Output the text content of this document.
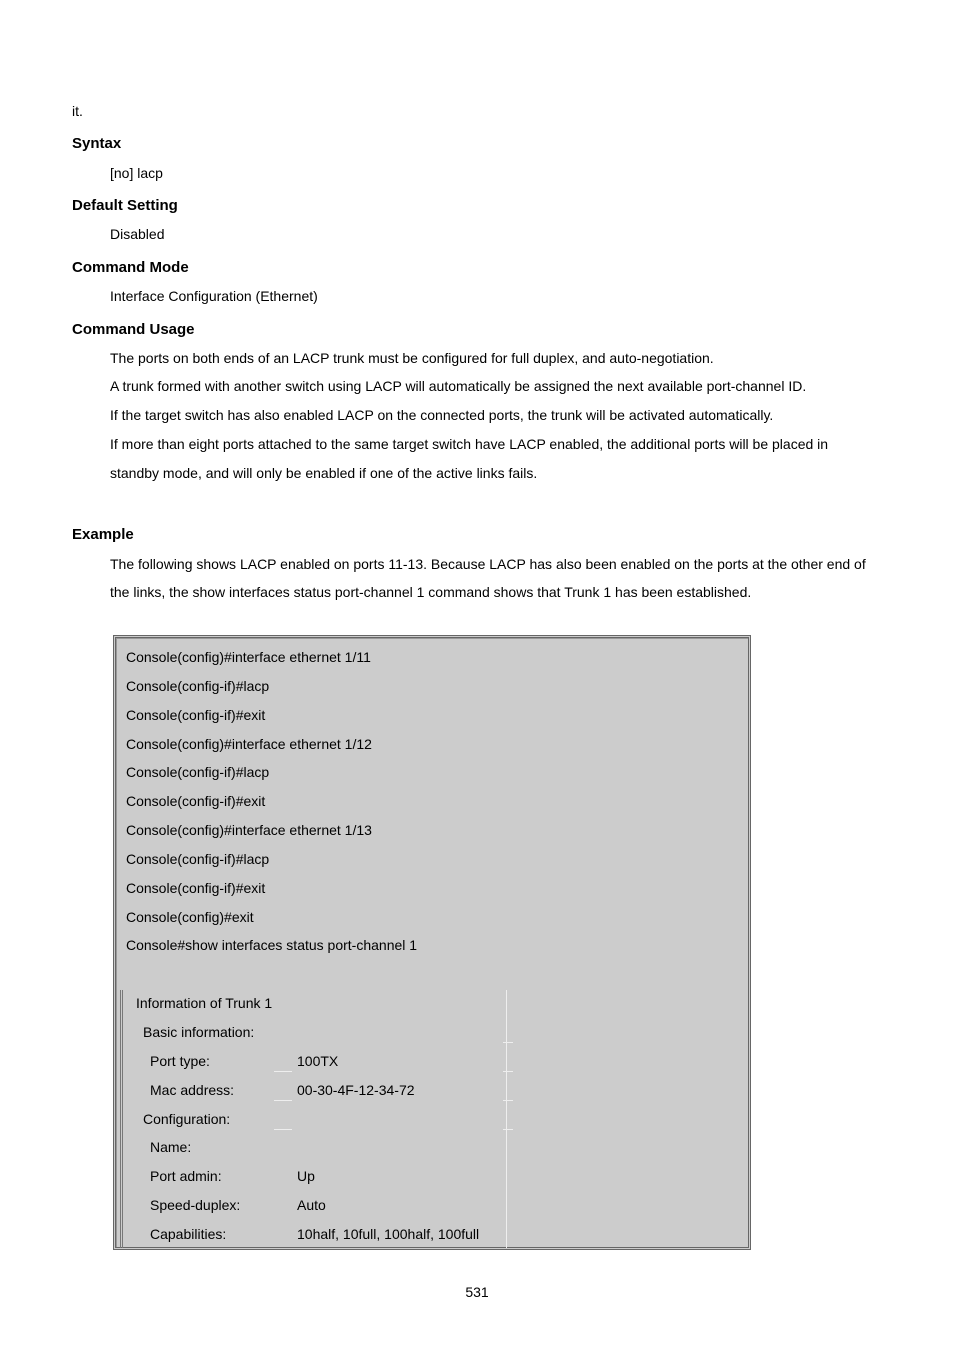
it.
Syntax
[no] lacp
Default Setting
Disabled
Command Mode
Interface Configuration (Ethernet)
Command Usage
The ports on both ends of an LACP trunk must be configured for full duplex, and auto-negotiation.
A trunk formed with another switch using LACP will automatically be assigned the next available port-channel ID.
If the target switch has also enabled LACP on the connected ports, the trunk will be activated automatically.
If more than eight ports attached to the same target switch have LACP enabled, the additional ports will be placed in
standby mode, and will only be enabled if one of the active links fails.
Example
The following shows LACP enabled on ports 11-13. Because LACP has also been enabled on the ports at the other end of
the links, the show interfaces status port-channel 1 command shows that Trunk 1 has been established.
Console(config)#interface ethernet 1/11
Console(config-if)#lacp
Console(config-if)#exit
Console(config)#interface ethernet 1/12
Console(config-if)#lacp
Console(config-if)#exit
Console(config)#interface ethernet 1/13
Console(config-if)#lacp
Console(config-if)#exit
Console(config)#exit
Console#show interfaces status port-channel 1
Information of Trunk 1
Basic information:
Port type:	100TX
Mac address:	00-30-4F-12-34-72
Configuration:
Name:
Port admin:	Up
Speed-duplex:	Auto
Capabilities:	10half, 10full, 100half, 100full
531
